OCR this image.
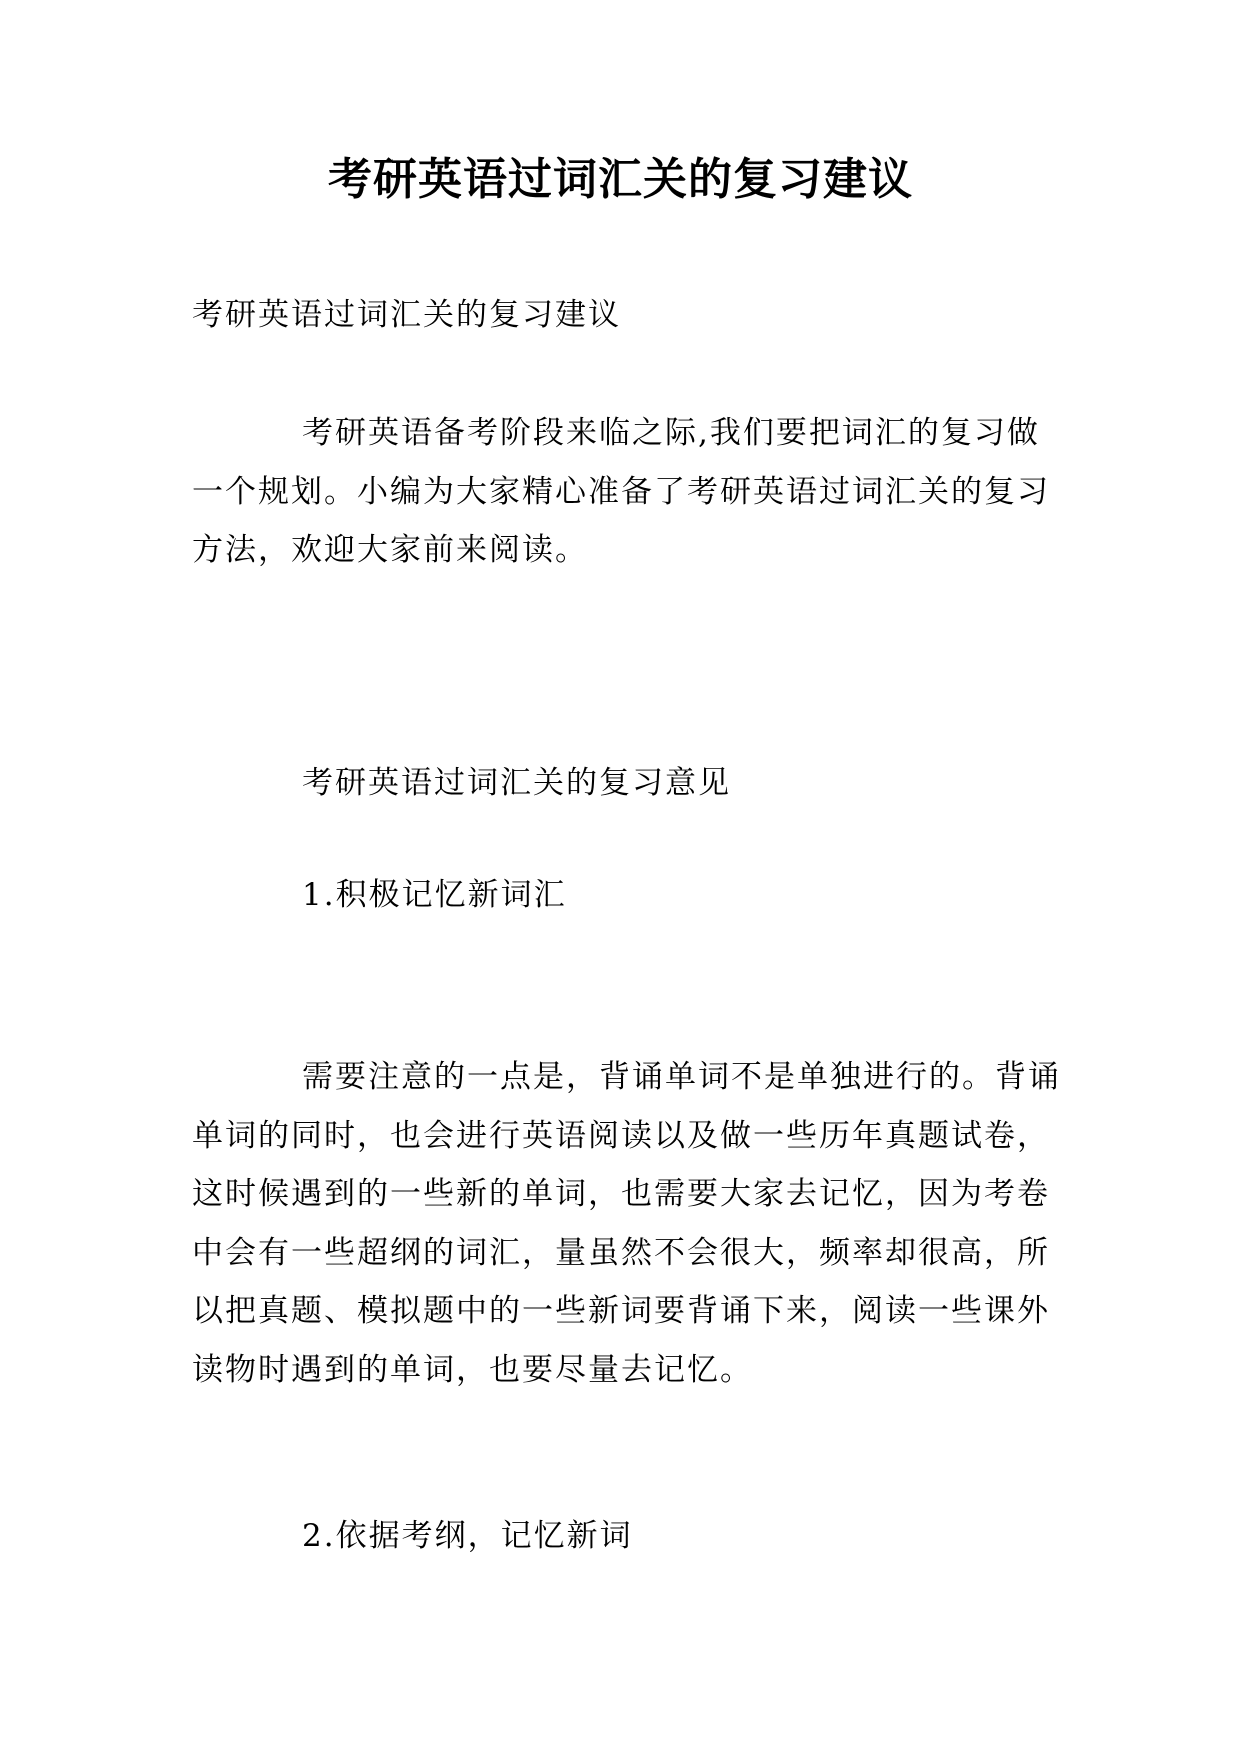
考研英语过词汇关的复习建议
考研英语过词汇关的复习建议
考研英语备考阶段来临之际,我们要把词汇的复习做一个规划。小编为大家精心准备了考研英语过词汇关的复习方法，欢迎大家前来阅读。
考研英语过词汇关的复习意见
1.积极记忆新词汇
需要注意的一点是，背诵单词不是单独进行的。背诵单词的同时，也会进行英语阅读以及做一些历年真题试卷，这时候遇到的一些新的单词，也需要大家去记忆，因为考卷中会有一些超纲的词汇，量虽然不会很大，频率却很高，所以把真题、模拟题中的一些新词要背诵下来，阅读一些课外读物时遇到的单词，也要尽量去记忆。
2.依据考纲，记忆新词
